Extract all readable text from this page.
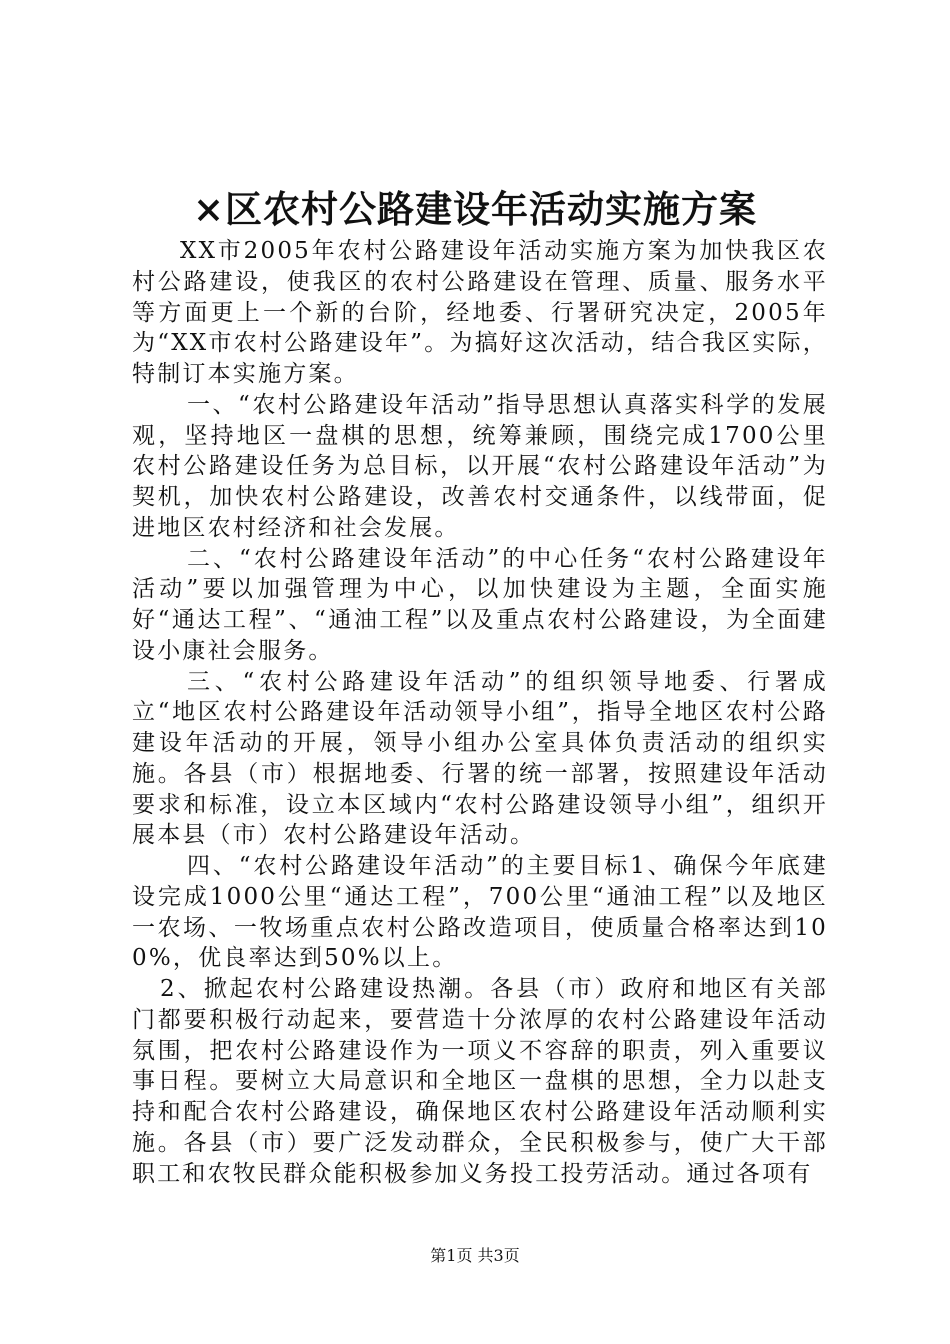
×区农村公路建设年活动实施方案

XX市2005年农村公路建设年活动实施方案为加快我区农村公路建设，使我区的农村公路建设在管理、质量、服务水平等方面更上一个新的台阶，经地委、行署研究决定，2005年为“XX市农村公路建设年”。为搞好这次活动，结合我区实际，特制订本实施方案。

一、“农村公路建设年活动”指导思想认真落实科学的发展观，坚持地区一盘棋的思想，统筹兼顾，围绕完成1700公里农村公路建设任务为总目标，以开展“农村公路建设年活动”为契机，加快农村公路建设，改善农村交通条件，以线带面，促进地区农村经济和社会发展。

二、“农村公路建设年活动”的中心任务“农村公路建设年活动”要以加强管理为中心，以加快建设为主题，全面实施好“通达工程”、“通油工程”以及重点农村公路建设，为全面建设小康社会服务。

三、“农村公路建设年活动”的组织领导地委、行署成立“地区农村公路建设年活动领导小组”，指导全地区农村公路建设年活动的开展，领导小组办公室具体负责活动的组织实施。各县（市）根据地委、行署的统一部署，按照建设年活动要求和标准，设立本区域内“农村公路建设领导小组”，组织开展本县（市）农村公路建设年活动。

四、“农村公路建设年活动”的主要目标1、确保今年底建设完成1000公里“通达工程”，700公里“通油工程”以及地区一农场、一牧场重点农村公路改造项目，使质量合格率达到100%，优良率达到50%以上。

2、掀起农村公路建设热潮。各县（市）政府和地区有关部门都要积极行动起来，要营造十分浓厚的农村公路建设年活动氛围，把农村公路建设作为一项义不容辞的职责，列入重要议事日程。要树立大局意识和全地区一盘棋的思想，全力以赴支持和配合农村公路建设，确保地区农村公路建设年活动顺利实施。各县（市）要广泛发动群众，全民积极参与，使广大干部职工和农牧民群众能积极参加义务投工投劳活动。通过各项有

第1页 共3页
